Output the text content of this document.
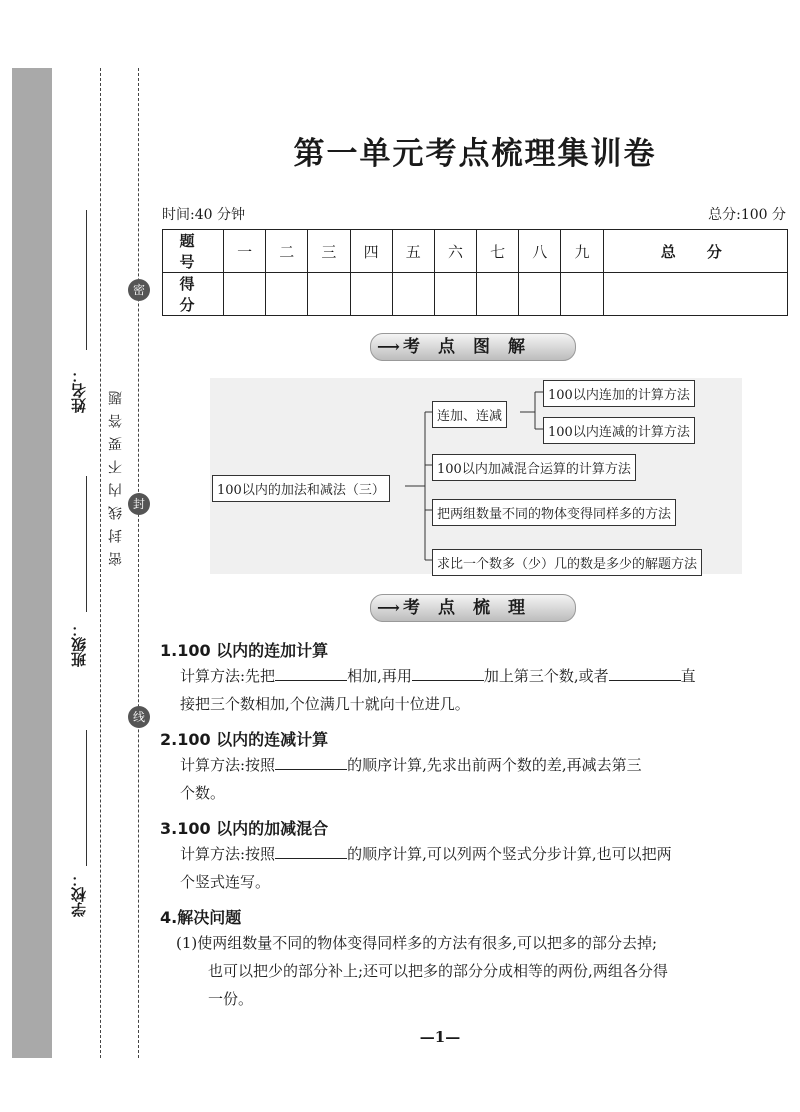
姓名：
班级：
学校：
密
封
线
密封线内不要答题
第一单元考点梳理集训卷
时间:40 分钟	总分:100 分
题　号	一	二	三	四	五	六	七	八	九	总　分
得　分										
⟶ 考点图解
100以内的加法和减法（三）
连加、连减
100以内连加的计算方法
100以内连减的计算方法
100以内加减混合运算的计算方法
把两组数量不同的物体变得同样多的方法
求比一个数多（少）几的数是多少的解题方法
⟶ 考点梳理
1.100 以内的连加计算
计算方法:先把	相加,再用	加上第三个数,或者	直
接把三个数相加,个位满几十就向十位进几。
2.100 以内的连减计算
计算方法:按照	的顺序计算,先求出前两个数的差,再减去第三
个数。
3.100 以内的加减混合
计算方法:按照	的顺序计算,可以列两个竖式分步计算,也可以把两
个竖式连写。
4.解决问题
(1)使两组数量不同的物体变得同样多的方法有很多,可以把多的部分去掉;
也可以把少的部分补上;还可以把多的部分分成相等的两份,两组各分得
一份。
—1—
